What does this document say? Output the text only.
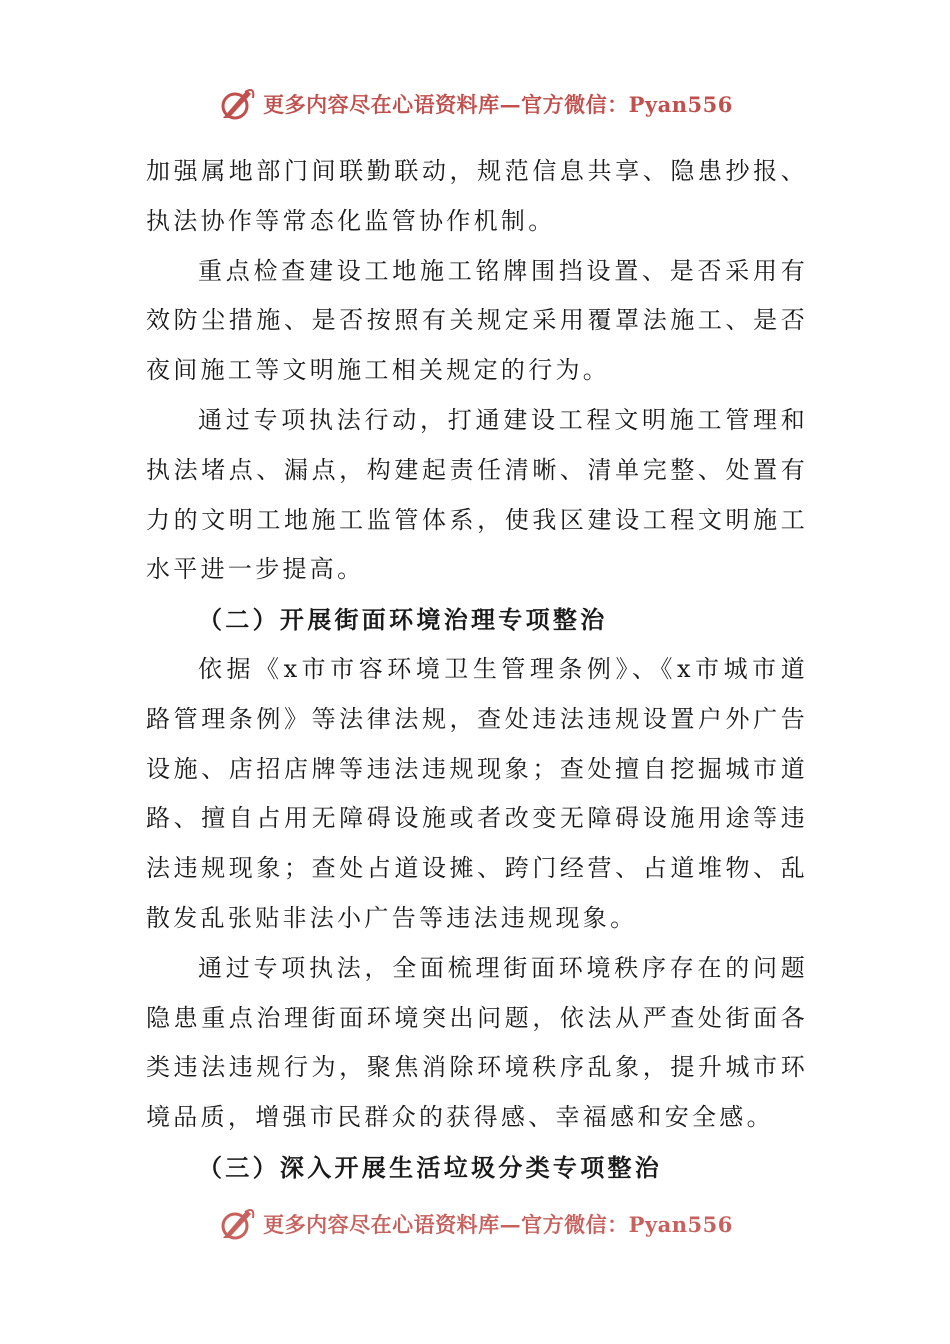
更多内容尽在心语资料库—官方微信：Pyan556

加强属地部门间联勤联动，规范信息共享、隐患抄报、执法协作等常态化监管协作机制。

重点检查建设工地施工铭牌围挡设置、是否采用有效防尘措施、是否按照有关规定采用覆罩法施工、是否夜间施工等文明施工相关规定的行为。

通过专项执法行动，打通建设工程文明施工管理和执法堵点、漏点，构建起责任清晰、清单完整、处置有力的文明工地施工监管体系，使我区建设工程文明施工水平进一步提高。

（二）开展街面环境治理专项整治

依据《x市市容环境卫生管理条例》、《x市城市道路管理条例》等法律法规，查处违法违规设置户外广告设施、店招店牌等违法违规现象；查处擅自挖掘城市道路、擅自占用无障碍设施或者改变无障碍设施用途等违法违规现象；查处占道设摊、跨门经营、占道堆物、乱散发乱张贴非法小广告等违法违规现象。

通过专项执法，全面梳理街面环境秩序存在的问题隐患重点治理街面环境突出问题，依法从严查处街面各类违法违规行为，聚焦消除环境秩序乱象，提升城市环境品质，增强市民群众的获得感、幸福感和安全感。

（三）深入开展生活垃圾分类专项整治

更多内容尽在心语资料库—官方微信：Pyan556
